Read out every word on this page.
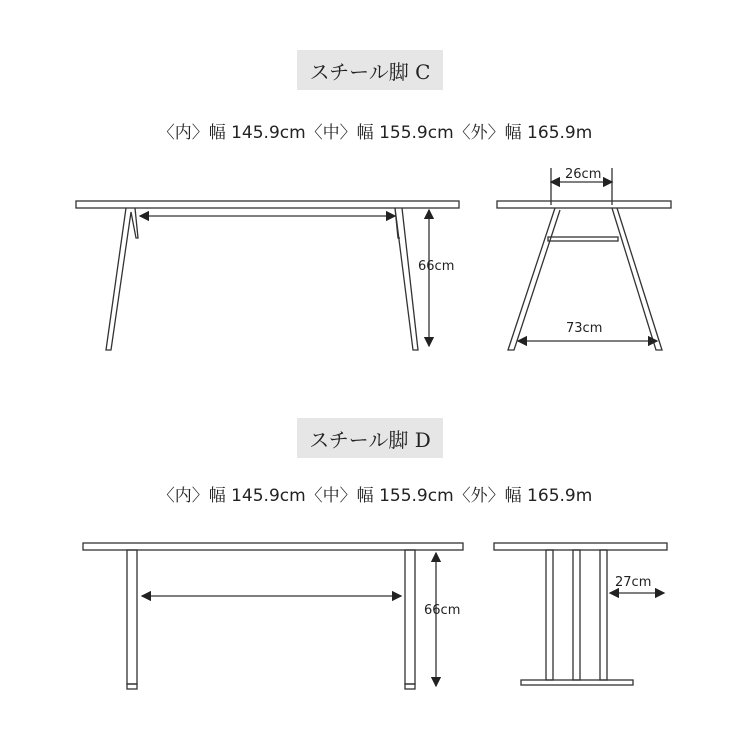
スチール脚 C
〈内〉幅 145.9cm〈中〉幅 155.9cm〈外〉幅 165.9m
スチール脚 D
〈内〉幅 145.9cm〈中〉幅 155.9cm〈外〉幅 165.9m
66cm
26cm
73cm
66cm
27cm
